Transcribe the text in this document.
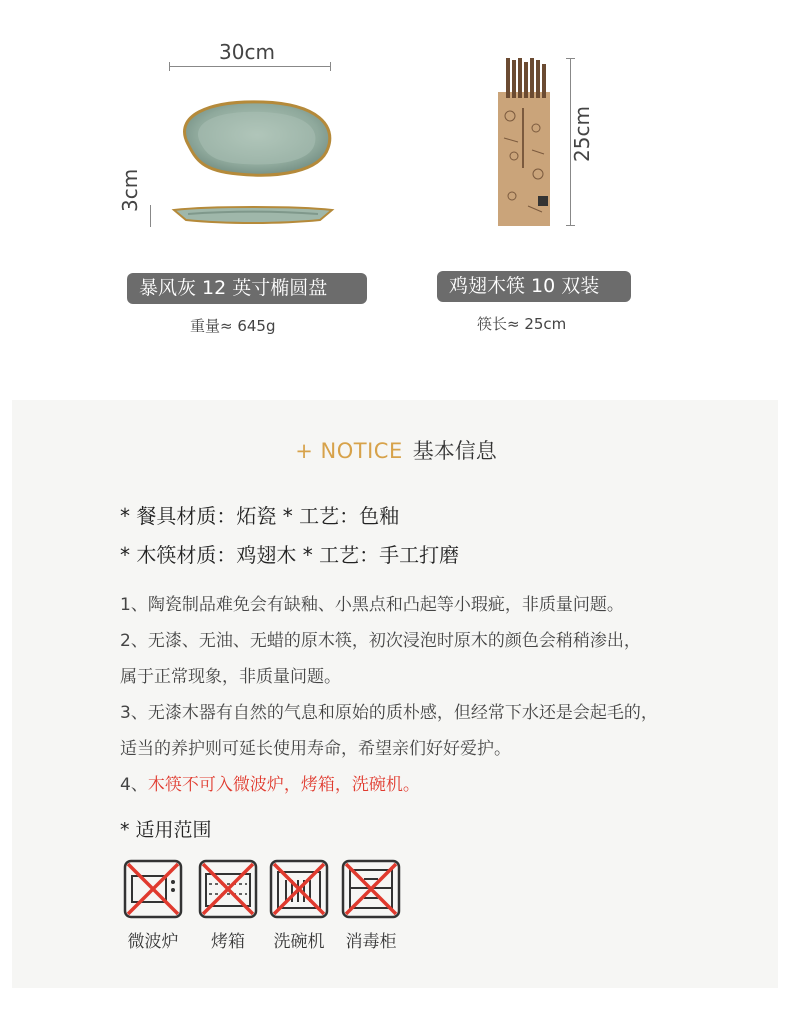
30cm
3cm
暴风灰 12 英寸椭圆盘
重量≈ 645g
25cm
鸡翅木筷 10 双装
筷长≈ 25cm
+ NOTICE 基本信息
* 餐具材质：炻瓷 * 工艺：色釉
* 木筷材质：鸡翅木 * 工艺：手工打磨
1、陶瓷制品难免会有缺釉、小黑点和凸起等小瑕疵，非质量问题。
2、无漆、无油、无蜡的原木筷，初次浸泡时原木的颜色会稍稍渗出，
属于正常现象，非质量问题。
3、无漆木器有自然的气息和原始的质朴感，但经常下水还是会起毛的，
适当的养护则可延长使用寿命，希望亲们好好爱护。
4、木筷不可入微波炉，烤箱，洗碗机。
* 适用范围
微波炉	烤箱	洗碗机	消毒柜
